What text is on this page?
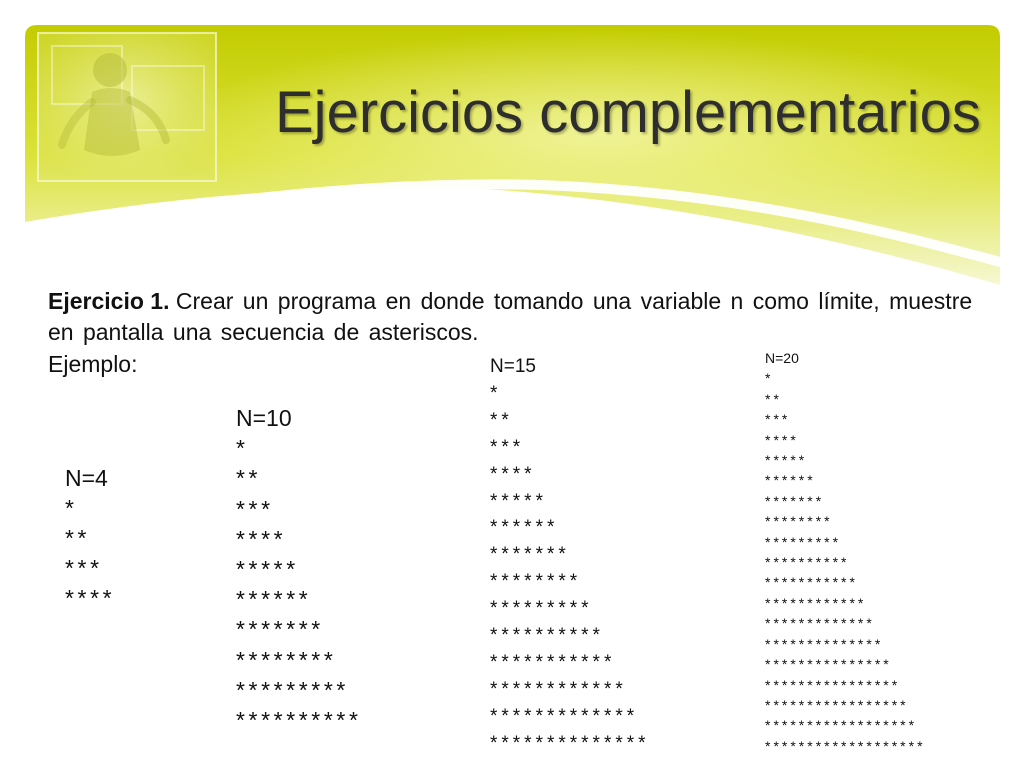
Ejercicios complementarios

Ejercicio 1. Crear un programa en donde tomando una variable n como límite, muestre
en pantalla una secuencia de asteriscos.

Ejemplo:
N=4
*
**
***
****
N=10
*
**
***
****
*****
******
*******
********
*********
**********
N=15
*
**
***
****
*****
******
*******
********
*********
**********
***********
************
*************
**************
N=20
*
**
***
****
*****
******
*******
********
*********
**********
***********
************
*************
**************
***************
****************
*****************
******************
*******************
